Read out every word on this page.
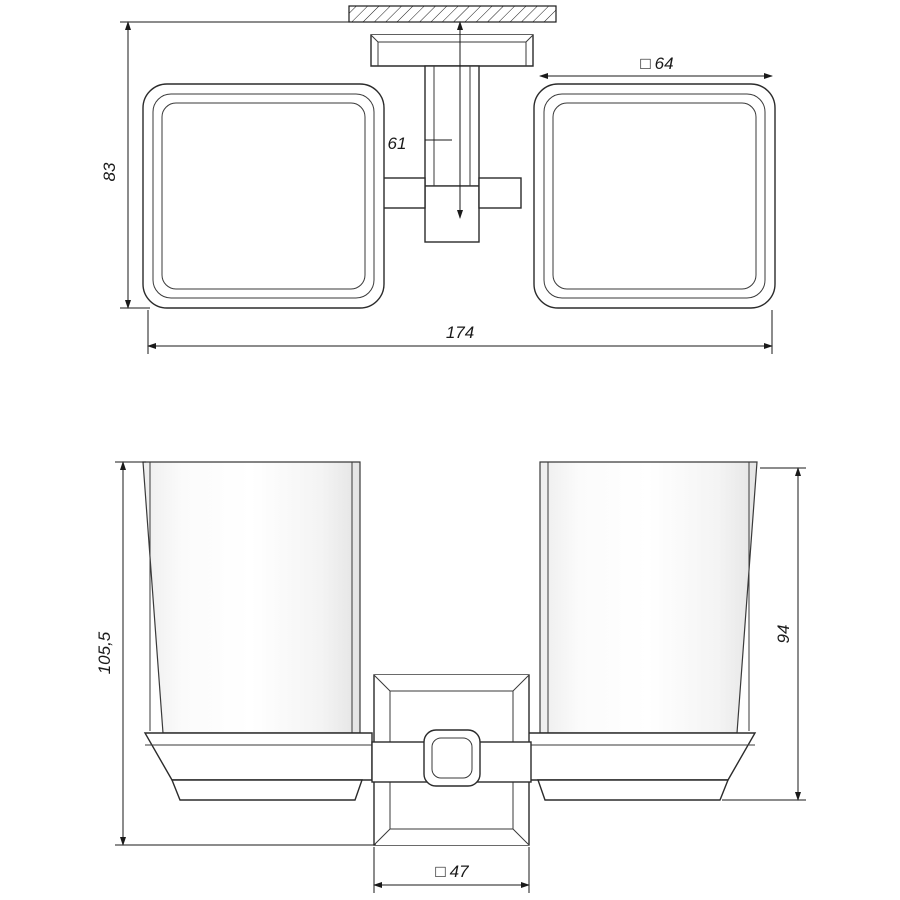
83
174
61
□ 64
105,5	94
□ 47
